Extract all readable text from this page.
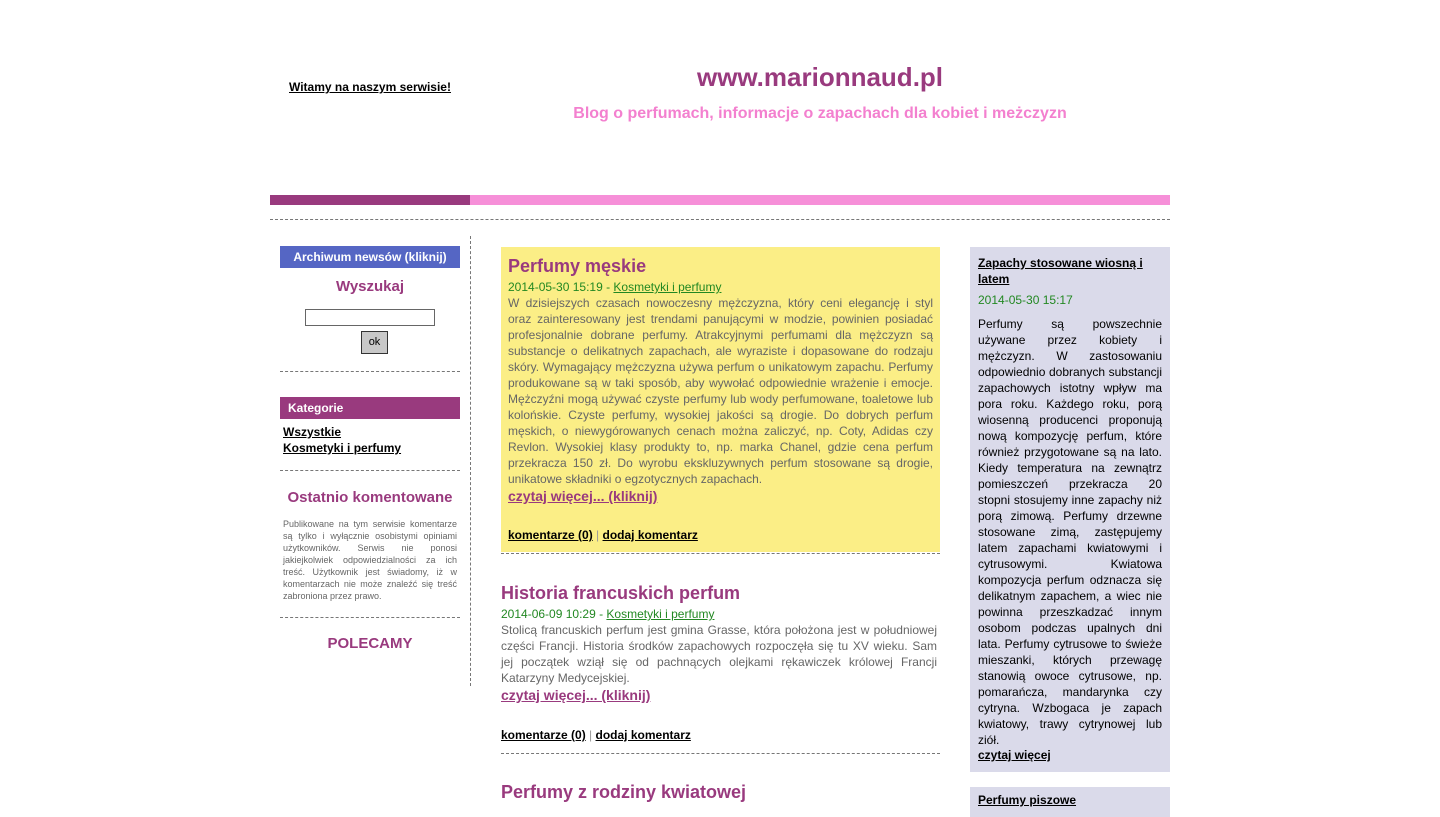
Witamy na naszym serwisie!	www.marionnaud.pl
Blog o perfumach, informacje o zapachach dla kobiet i meżczyzn
Archiwum newsów (kliknij)
Wyszukaj
ok
Kategorie
Wszystkie
Kosmetyki i perfumy
Ostatnio komentowane
Publikowane na tym serwisie komentarze są tylko i wyłącznie osobistymi opiniami użytkowników. Serwis nie ponosi jakiejkolwiek odpowiedzialności za ich treść. Użytkownik jest świadomy, iż w komentarzach nie może znaleźć się treść zabroniona przez prawo.
POLECAMY
Perfumy męskie
2014-05-30 15:19 - Kosmetyki i perfumy
W dzisiejszych czasach nowoczesny mężczyzna, który ceni elegancję i styl oraz zainteresowany jest trendami panującymi w modzie, powinien posiadać profesjonalnie dobrane perfumy. Atrakcyjnymi perfumami dla mężczyzn są substancje o delikatnych zapachach, ale wyraziste i dopasowane do rodzaju skóry. Wymagający mężczyzna używa perfum o unikatowym zapachu. Perfumy produkowane są w taki sposób, aby wywołać odpowiednie wrażenie i emocje. Mężczyźni mogą używać czyste perfumy lub wody perfumowane, toaletowe lub kolońskie. Czyste perfumy, wysokiej jakości są drogie. Do dobrych perfum męskich, o niewygórowanych cenach można zaliczyć, np. Coty, Adidas czy Revlon. Wysokiej klasy produkty to, np. marka Chanel, gdzie cena perfum przekracza 150 zł. Do wyrobu ekskluzywnych perfum stosowane są drogie, unikatowe składniki o egzotycznych zapachach.
czytaj więcej... (kliknij)
komentarze (0) | dodaj komentarz
Historia francuskich perfum
2014-06-09 10:29 - Kosmetyki i perfumy
Stolicą francuskich perfum jest gmina Grasse, która położona jest w południowej części Francji. Historia środków zapachowych rozpoczęła się tu XV wieku. Sam jej początek wziął się od pachnących olejkami rękawiczek królowej Francji Katarzyny Medycejskiej.
czytaj więcej... (kliknij)
komentarze (0) | dodaj komentarz
Perfumy z rodziny kwiatowej
Zapachy stosowane wiosną i latem
2014-05-30 15:17
Perfumy są powszechnie używane przez kobiety i mężczyzn. W zastosowaniu odpowiednio dobranych substancji zapachowych istotny wpływ ma pora roku. Każdego roku, porą wiosenną producenci proponują nową kompozycję perfum, które również przygotowane są na lato. Kiedy temperatura na zewnątrz pomieszczeń przekracza 20 stopni stosujemy inne zapachy niż porą zimową. Perfumy drzewne stosowane zimą, zastępujemy latem zapachami kwiatowymi i cytrusowymi. Kwiatowa kompozycja perfum odznacza się delikatnym zapachem, a wiec nie powinna przeszkadzać innym osobom podczas upalnych dni lata. Perfumy cytrusowe to świeże mieszanki, których przewagę stanowią owoce cytrusowe, np. pomarańcza, mandarynka czy cytryna. Wzbogaca je zapach kwiatowy, trawy cytrynowej lub ziół.
czytaj więcej
Perfumy piszowe
